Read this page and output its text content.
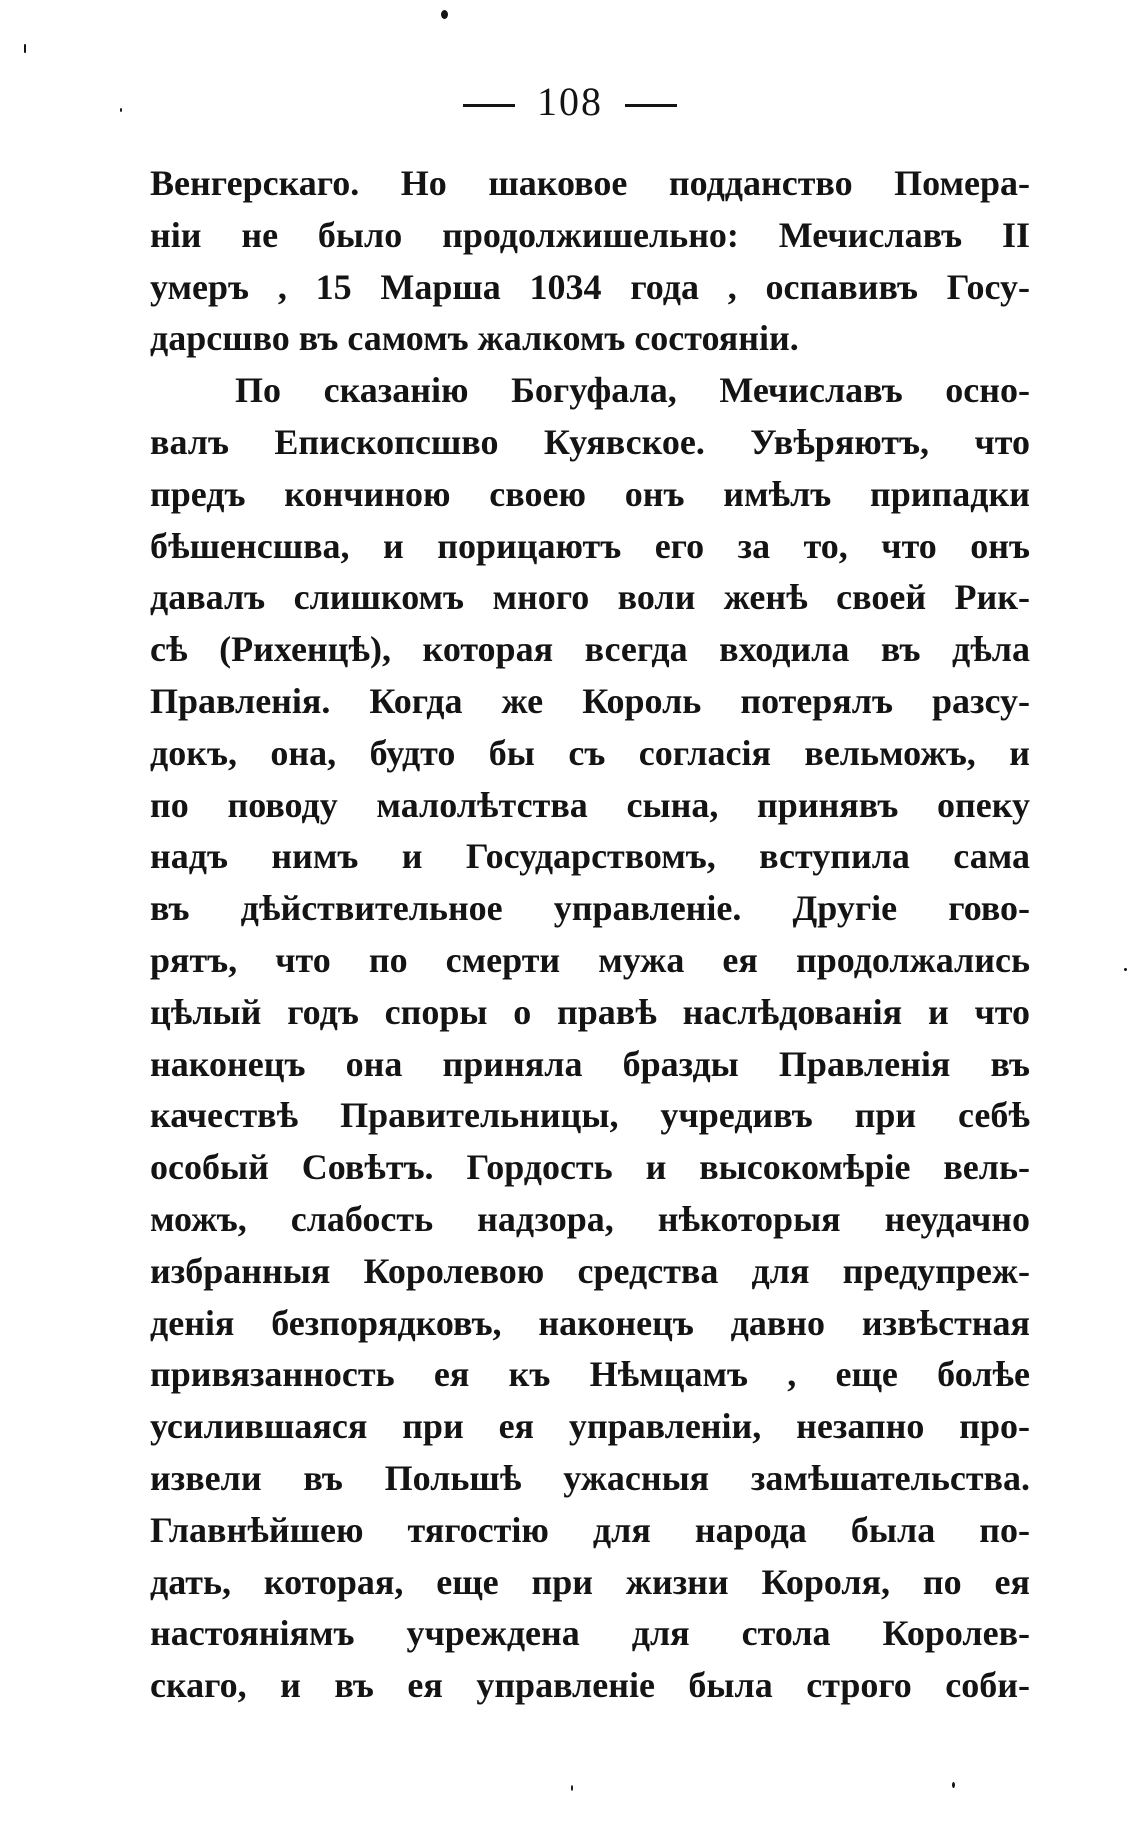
108
Венгерскаго. Но шаковое подданство Помера-
нiи не было продолжишельно: Мечиславъ II
умеръ , 15 Марша 1034 года , оспавивъ Госу-
дарсшво въ самомъ жалкомъ состоянiи.
По сказанiю Богуфала, Мечиславъ осно-
валъ Епископсшво Куявское. Увѣряютъ, что
предъ кончиною своею онъ имѣлъ припадки
бѣшенсшва, и порицаютъ его за то, что онъ
давалъ слишкомъ много воли женѣ своей Рик-
сѣ (Рихенцѣ), которая всегда входила въ дѣла
Правленiя. Когда же Король потерялъ разсу-
докъ, она, будто бы съ согласiя вельможъ, и
по поводу малолѣтства сына, принявъ опеку
надъ нимъ и Государствомъ, вступила сама
въ дѣйствительное управленiе. Другiе гово-
рятъ, что по смерти мужа ея продолжались
цѣлый годъ споры о правѣ наслѣдованiя и что
наконецъ она приняла бразды Правленiя въ
качествѣ Правительницы, учредивъ при себѣ
особый Совѣтъ. Гордость и высокомѣрiе вель-
можъ, слабость надзора, нѣкоторыя неудачно
избранныя Королевою средства для предупреж-
денiя безпорядковъ, наконецъ давно извѣстная
привязанность ея къ Нѣмцамъ , еще болѣе
усилившаяся при ея управленiи, незапно про-
извели въ Польшѣ ужасныя замѣшательства.
Главнѣйшею тягостiю для народа была по-
дать, которая, еще при жизни Короля, по ея
настоянiямъ учреждена для стола Королев-
скаго, и въ ея управленiе была строго соби-
